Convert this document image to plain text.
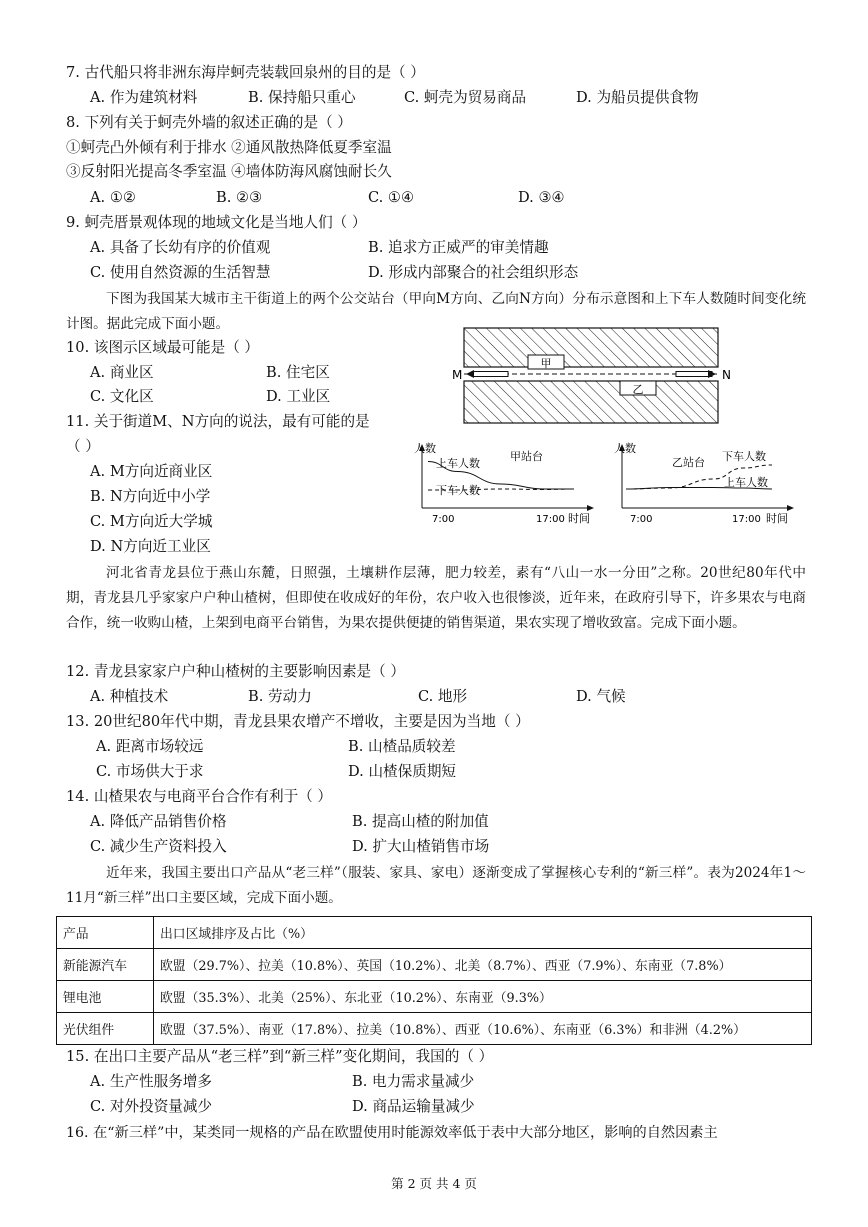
7. 古代船只将非洲东海岸蚵壳装载回泉州的目的是（ ）
A. 作为建筑材料	B. 保持船只重心	C. 蚵壳为贸易商品	D. 为船员提供食物
8. 下列有关于蚵壳外墙的叙述正确的是（ ）
①蚵壳凸外倾有利于排水 ②通风散热降低夏季室温
③反射阳光提高冬季室温 ④墙体防海风腐蚀耐长久
A. ①②	B. ②③	C. ①④	D. ③④
9. 蚵壳厝景观体现的地域文化是当地人们（ ）
A. 具备了长幼有序的价值观	B. 追求方正威严的审美情趣
C. 使用自然资源的生活智慧	D. 形成内部聚合的社会组织形态
下图为我国某大城市主干街道上的两个公交站台（甲向M方向、乙向N方向）分布示意图和上下车人数随时间变化统计图。据此完成下面小题。
10. 该图示区域最可能是（ ）
A. 商业区	B. 住宅区
C. 文化区	D. 工业区
11. 关于街道M、N方向的说法，最有可能的是
（ ）
A. M方向近商业区
B. N方向近中小学
C. M方向近大学城
D. N方向近工业区
甲
乙
M	N
人数
甲站台
7:00	17:00 时间
上车人数
下车人数
人数
乙站台
7:00	17:00 时间
下车人数
上车人数
河北省青龙县位于燕山东麓，日照强，土壤耕作层薄，肥力较差，素有“八山一水一分田”之称。20世纪80年代中期，青龙县几乎家家户户种山楂树，但即使在收成好的年份，农户收入也很惨淡，近年来，在政府引导下，许多果农与电商合作，统一收购山楂，上架到电商平台销售，为果农提供便捷的销售渠道，果农实现了增收致富。完成下面小题。
12. 青龙县家家户户种山楂树的主要影响因素是（ ）
A. 种植技术	B. 劳动力	C. 地形	D. 气候
13. 20世纪80年代中期，青龙县果农增产不增收，主要是因为当地（ ）
A. 距离市场较远	B. 山楂品质较差
C. 市场供大于求	D. 山楂保质期短
14. 山楂果农与电商平台合作有利于（ ）
A. 降低产品销售价格	B. 提高山楂的附加值
C. 减少生产资料投入	D. 扩大山楂销售市场
近年来，我国主要出口产品从“老三样”（服装、家具、家电）逐渐变成了掌握核心专利的“新三样”。表为2024年1～11月“新三样”出口主要区域，完成下面小题。
产品	出口区域排序及占比（%）
新能源汽车	欧盟（29.7%）、拉美（10.8%）、英国（10.2%）、北美（8.7%）、西亚（7.9%）、东南亚（7.8%）
锂电池	欧盟（35.3%）、北美（25%）、东北亚（10.2%）、东南亚（9.3%）
光伏组件	欧盟（37.5%）、南亚（17.8%）、拉美（10.8%）、西亚（10.6%）、东南亚（6.3%）和非洲（4.2%）
15. 在出口主要产品从“老三样”到“新三样”变化期间，我国的（ ）
A. 生产性服务增多	B. 电力需求量减少
C. 对外投资量减少	D. 商品运输量减少
16. 在“新三样”中，某类同一规格的产品在欧盟使用时能源效率低于表中大部分地区，影响的自然因素主
第 2 页 共 4 页
